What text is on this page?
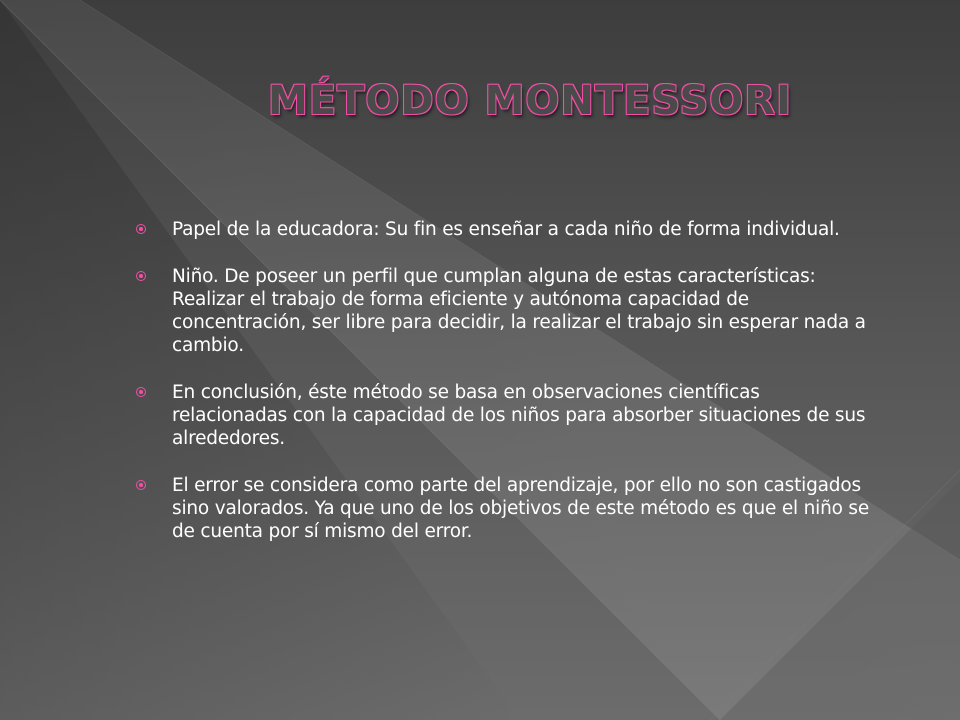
MÉTODO MONTESSORI
Papel de la educadora: Su fin es enseñar a cada niño de forma individual.
Niño. De poseer un perfil que cumplan alguna de estas características: Realizar el trabajo de forma eficiente y autónoma capacidad de concentración, ser libre para decidir, la realizar el trabajo sin esperar nada a cambio.
En conclusión, éste método se basa en observaciones científicas relacionadas con la capacidad de los niños para absorber situaciones de sus alrededores.
El error se considera como parte del aprendizaje, por ello no son castigados sino valorados. Ya que uno de los objetivos de este método es que el niño se de cuenta por sí mismo del error.
